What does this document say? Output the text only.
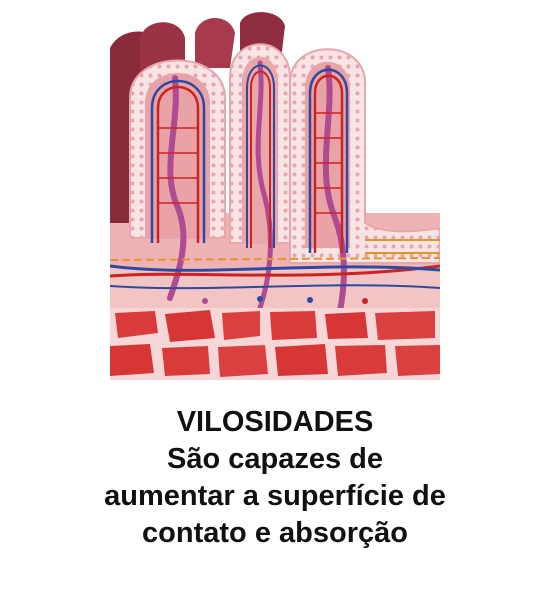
VILOSIDADES
São capazes de
aumentar a superfície de
contato e absorção
